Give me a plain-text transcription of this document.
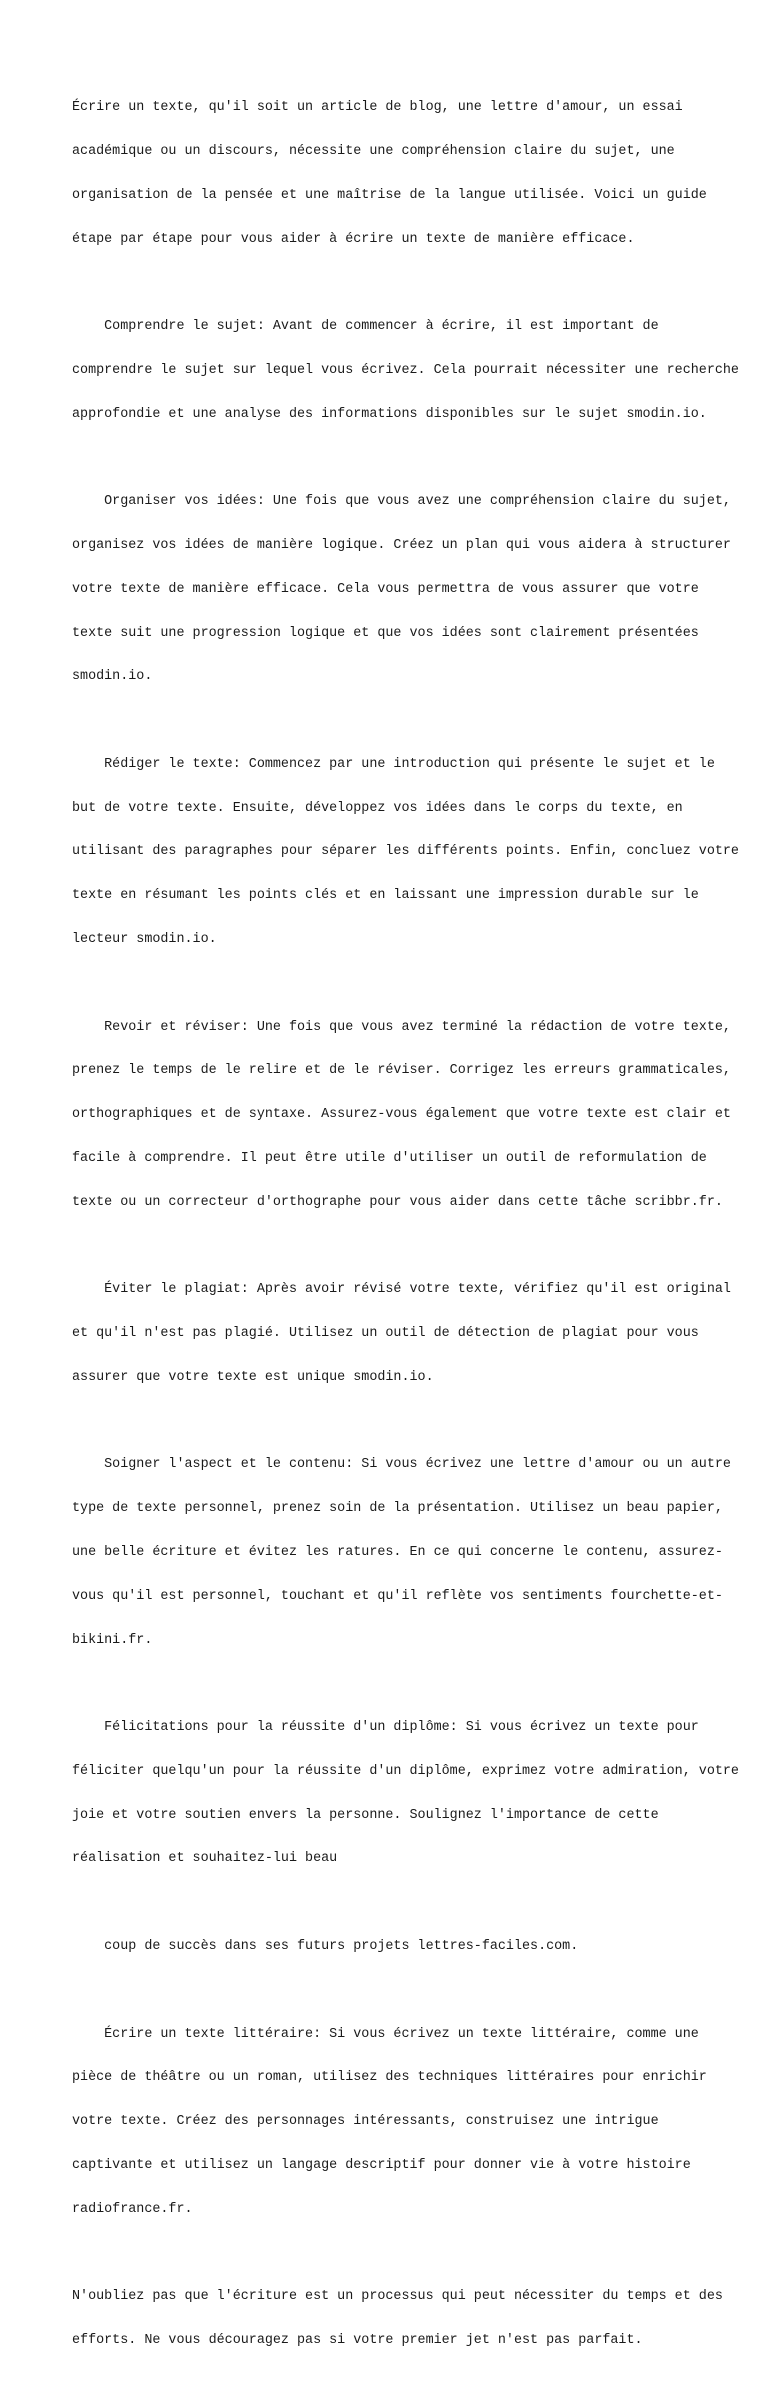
Écrire un texte, qu'il soit un article de blog, une lettre d'amour, un essai

académique ou un discours, nécessite une compréhension claire du sujet, une

organisation de la pensée et une maîtrise de la langue utilisée. Voici un guide

étape par étape pour vous aider à écrire un texte de manière efficace.

Comprendre le sujet: Avant de commencer à écrire, il est important de

comprendre le sujet sur lequel vous écrivez. Cela pourrait nécessiter une recherche

approfondie et une analyse des informations disponibles sur le sujet smodin.io.

Organiser vos idées: Une fois que vous avez une compréhension claire du sujet,

organisez vos idées de manière logique. Créez un plan qui vous aidera à structurer

votre texte de manière efficace. Cela vous permettra de vous assurer que votre

texte suit une progression logique et que vos idées sont clairement présentées

smodin.io.

Rédiger le texte: Commencez par une introduction qui présente le sujet et le

but de votre texte. Ensuite, développez vos idées dans le corps du texte, en

utilisant des paragraphes pour séparer les différents points. Enfin, concluez votre

texte en résumant les points clés et en laissant une impression durable sur le

lecteur smodin.io.

Revoir et réviser: Une fois que vous avez terminé la rédaction de votre texte,

prenez le temps de le relire et de le réviser. Corrigez les erreurs grammaticales,

orthographiques et de syntaxe. Assurez-vous également que votre texte est clair et

facile à comprendre. Il peut être utile d'utiliser un outil de reformulation de

texte ou un correcteur d'orthographe pour vous aider dans cette tâche scribbr.fr.

Éviter le plagiat: Après avoir révisé votre texte, vérifiez qu'il est original

et qu'il n'est pas plagié. Utilisez un outil de détection de plagiat pour vous

assurer que votre texte est unique smodin.io.

Soigner l'aspect et le contenu: Si vous écrivez une lettre d'amour ou un autre

type de texte personnel, prenez soin de la présentation. Utilisez un beau papier,

une belle écriture et évitez les ratures. En ce qui concerne le contenu, assurez-

vous qu'il est personnel, touchant et qu'il reflète vos sentiments fourchette-et-

bikini.fr.

Félicitations pour la réussite d'un diplôme: Si vous écrivez un texte pour

féliciter quelqu'un pour la réussite d'un diplôme, exprimez votre admiration, votre

joie et votre soutien envers la personne. Soulignez l'importance de cette

réalisation et souhaitez-lui beau

coup de succès dans ses futurs projets lettres-faciles.com.

Écrire un texte littéraire: Si vous écrivez un texte littéraire, comme une

pièce de théâtre ou un roman, utilisez des techniques littéraires pour enrichir

votre texte. Créez des personnages intéressants, construisez une intrigue

captivante et utilisez un langage descriptif pour donner vie à votre histoire

radiofrance.fr.

N'oubliez pas que l'écriture est un processus qui peut nécessiter du temps et des

efforts. Ne vous découragez pas si votre premier jet n'est pas parfait.
